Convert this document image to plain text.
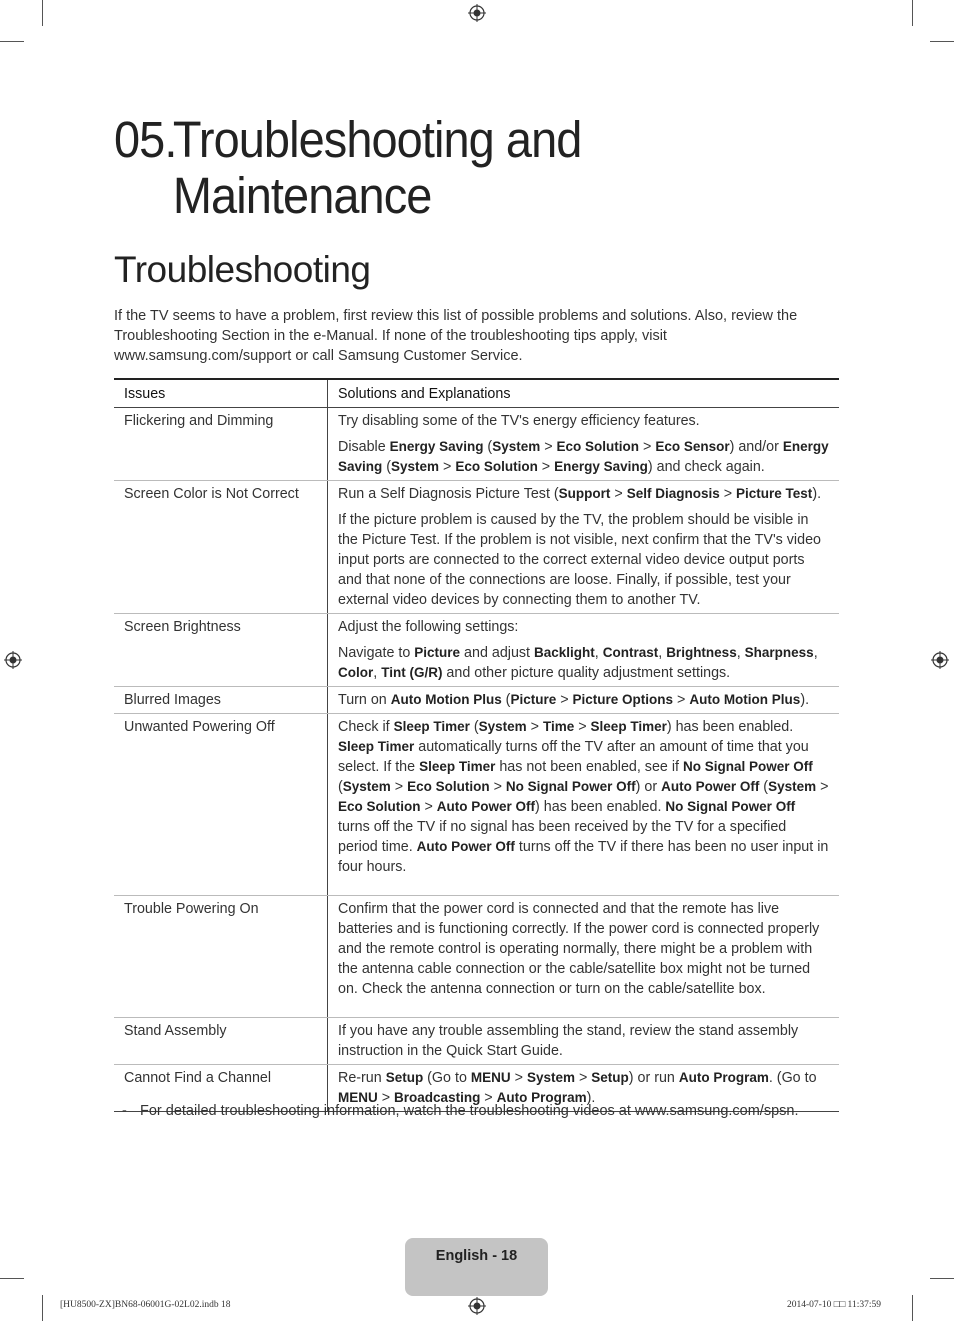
05.Troubleshooting and
Maintenance
Troubleshooting

If the TV seems to have a problem, first review this list of possible problems and solutions. Also, review the Troubleshooting Section in the e-Manual. If none of the troubleshooting tips apply, visit www.samsung.com/support or call Samsung Customer Service.

Issues	Solutions and Explanations
Flickering and Dimming	Try disabling some of the TV's energy efficiency features.

Disable Energy Saving (System > Eco Solution > Eco Sensor) and/or Energy Saving (System > Eco Solution > Energy Saving) and check again.

Screen Color is Not Correct	Run a Self Diagnosis Picture Test (Support > Self Diagnosis > Picture Test).

If the picture problem is caused by the TV, the problem should be visible in the Picture Test. If the problem is not visible, next confirm that the TV's video input ports are connected to the correct external video device output ports and that none of the connections are loose. Finally, if possible, test your external video devices by connecting them to another TV.

Screen Brightness	Adjust the following settings:

Navigate to Picture and adjust Backlight, Contrast, Brightness, Sharpness, Color, Tint (G/R) and other picture quality adjustment settings.

Blurred Images	Turn on Auto Motion Plus (Picture > Picture Options > Auto Motion Plus).

Unwanted Powering Off	Check if Sleep Timer (System > Time > Sleep Timer) has been enabled. Sleep Timer automatically turns off the TV after an amount of time that you select. If the Sleep Timer has not been enabled, see if No Signal Power Off (System > Eco Solution > No Signal Power Off) or Auto Power Off (System > Eco Solution > Auto Power Off) has been enabled. No Signal Power Off turns off the TV if no signal has been received by the TV for a specified period time. Auto Power Off turns off the TV if there has been no user input in four hours.

Trouble Powering On	Confirm that the power cord is connected and that the remote has live batteries and is functioning correctly. If the power cord is connected properly and the remote control is operating normally, there might be a problem with the antenna cable connection or the cable/satellite box might not be turned on. Check the antenna connection or turn on the cable/satellite box.

Stand Assembly	If you have any trouble assembling the stand, review the stand assembly instruction in the Quick Start Guide.

Cannot Find a Channel	Re-run Setup (Go to MENU > System > Setup) or run Auto Program. (Go to MENU > Broadcasting > Auto Program).

- For detailed troubleshooting information, watch the troubleshooting videos at www.samsung.com/spsn.

English - 18
[HU8500-ZX]BN68-06001G-02L02.indb 18	2014-07-10 □□ 11:37:59
